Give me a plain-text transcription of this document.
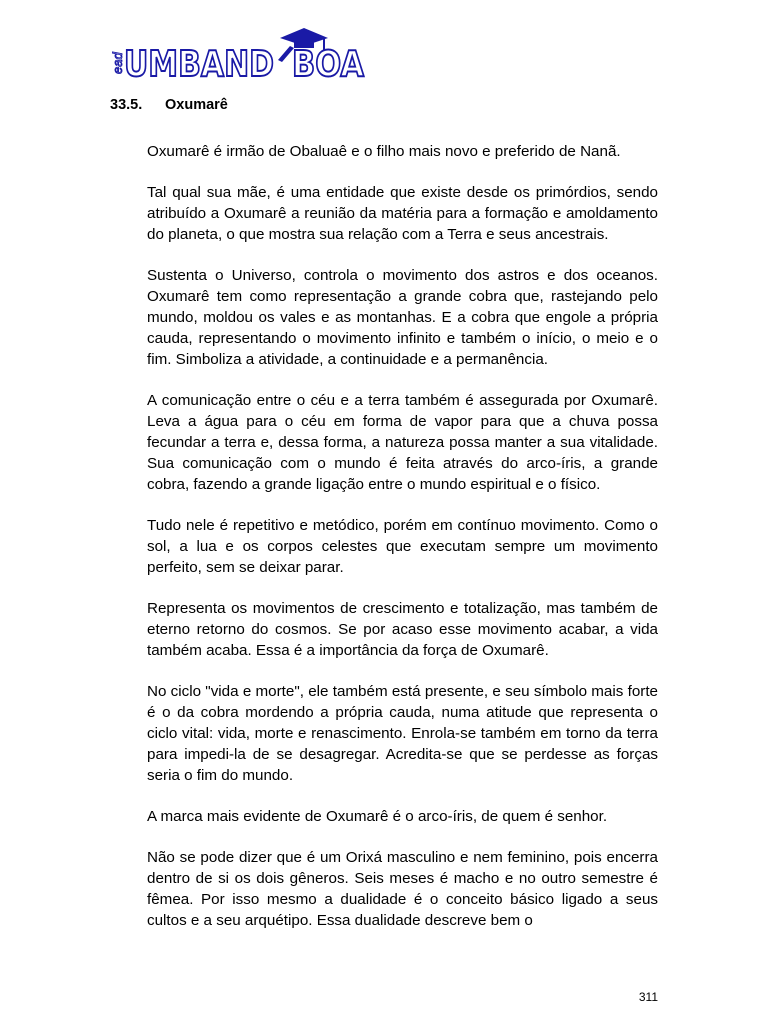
ead UMBAND BOA
33.5. Oxumarê

Oxumarê é irmão de Obaluaê e o filho mais novo e preferido de Nanã.

Tal qual sua mãe, é uma entidade que existe desde os primórdios, sendo atribuído a Oxumarê a reunião da matéria para a formação e amoldamento do planeta, o que mostra sua relação com a Terra e seus ancestrais.

Sustenta o Universo, controla o movimento dos astros e dos oceanos. Oxumarê tem como representação a grande cobra que, rastejando pelo mundo, moldou os vales e as montanhas. E a cobra que engole a própria cauda, representando o movimento infinito e também o início, o meio e o fim. Simboliza a atividade, a continuidade e a permanência.

A comunicação entre o céu e a terra também é assegurada por Oxumarê. Leva a água para o céu em forma de vapor para que a chuva possa fecundar a terra e, dessa forma, a natureza possa manter a sua vitalidade. Sua comunicação com o mundo é feita através do arco-íris, a grande cobra, fazendo a grande ligação entre o mundo espiritual e o físico.

Tudo nele é repetitivo e metódico, porém em contínuo movimento. Como o sol, a lua e os corpos celestes que executam sempre um movimento perfeito, sem se deixar parar.

Representa os movimentos de crescimento e totalização, mas também de eterno retorno do cosmos. Se por acaso esse movimento acabar, a vida também acaba. Essa é a importância da força de Oxumarê.

No ciclo "vida e morte", ele também está presente, e seu símbolo mais forte é o da cobra mordendo a própria cauda, numa atitude que representa o ciclo vital: vida, morte e renascimento. Enrola-se também em torno da terra para impedi-la de se desagregar. Acredita-se que se perdesse as forças seria o fim do mundo.

A marca mais evidente de Oxumarê é o arco-íris, de quem é senhor.

Não se pode dizer que é um Orixá masculino e nem feminino, pois encerra dentro de si os dois gêneros. Seis meses é macho e no outro semestre é fêmea. Por isso mesmo a dualidade é o conceito básico ligado a seus cultos e a seu arquétipo. Essa dualidade descreve bem o

311
